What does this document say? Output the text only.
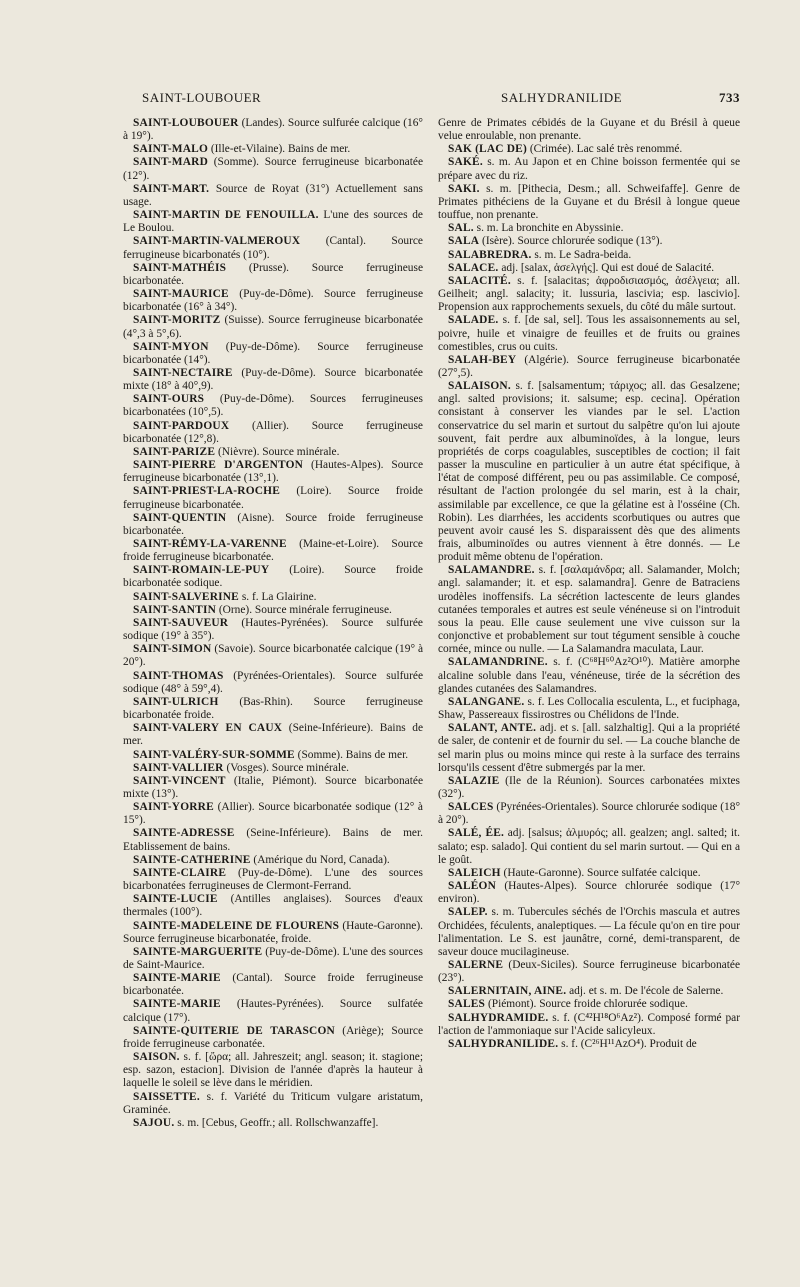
SAINT-LOUBOUER	SALHYDRANILIDE	733

SAINT-LOUBOUER (Landes). Source sulfurée calcique (16° à 19°).

SAINT-MALO (Ille-et-Vilaine). Bains de mer.

SAINT-MARD (Somme). Source ferrugineuse bicarbonatée (12°).

SAINT-MART. Source de Royat (31°) Actuellement sans usage.

SAINT-MARTIN DE FENOUILLA. L'une des sources de Le Boulou.

SAINT-MARTIN-VALMEROUX (Cantal). Source ferrugineuse bicarbonatés (10°).

SAINT-MATHÉIS (Prusse). Source ferrugineuse bicarbonatée.

SAINT-MAURICE (Puy-de-Dôme). Source ferrugineuse bicarbonatée (16° à 34°).

SAINT-MORITZ (Suisse). Source ferrugineuse bicarbonatée (4°,3 à 5°,6).

SAINT-MYON (Puy-de-Dôme). Source ferrugineuse bicarbonatée (14°).

SAINT-NECTAIRE (Puy-de-Dôme). Source bicarbonatée mixte (18° à 40°,9).

SAINT-OURS (Puy-de-Dôme). Sources ferrugineuses bicarbonatées (10°,5).

SAINT-PARDOUX (Allier). Source ferrugineuse bicarbonatée (12°,8).

SAINT-PARIZE (Nièvre). Source minérale.

SAINT-PIERRE D'ARGENTON (Hautes-Alpes). Source ferrugineuse bicarbonatée (13°,1).

SAINT-PRIEST-LA-ROCHE (Loire). Source froide ferrugineuse bicarbonatée.

SAINT-QUENTIN (Aisne). Source froide ferrugineuse bicarbonatée.

SAINT-RÉMY-LA-VARENNE (Maine-et-Loire). Source froide ferrugineuse bicarbonatée.

SAINT-ROMAIN-LE-PUY (Loire). Source froide bicarbonatée sodique.

SAINT-SALVERINE s. f. La Glairine.

SAINT-SANTIN (Orne). Source minérale ferrugineuse.

SAINT-SAUVEUR (Hautes-Pyrénées). Source sulfurée sodique (19° à 35°).

SAINT-SIMON (Savoie). Source bicarbonatée calcique (19° à 20°).

SAINT-THOMAS (Pyrénées-Orientales). Source sulfurée sodique (48° à 59°,4).

SAINT-ULRICH (Bas-Rhin). Source ferrugineuse bicarbonatée froide.

SAINT-VALERY EN CAUX (Seine-Inférieure). Bains de mer.

SAINT-VALÉRY-SUR-SOMME (Somme). Bains de mer.

SAINT-VALLIER (Vosges). Source minérale.

SAINT-VINCENT (Italie, Piémont). Source bicarbonatée mixte (13°).

SAINT-YORRE (Allier). Source bicarbonatée sodique (12° à 15°).

SAINTE-ADRESSE (Seine-Inférieure). Bains de mer. Etablissement de bains.

SAINTE-CATHERINE (Amérique du Nord, Canada).

SAINTE-CLAIRE (Puy-de-Dôme). L'une des sources bicarbonatées ferrugineuses de Clermont-Ferrand.

SAINTE-LUCIE (Antilles anglaises). Sources d'eaux thermales (100°).

SAINTE-MADELEINE DE FLOURENS (Haute-Garonne). Source ferrugineuse bicarbonatée, froide.

SAINTE-MARGUERITE (Puy-de-Dôme). L'une des sources de Saint-Maurice.

SAINTE-MARIE (Cantal). Source froide ferrugineuse bicarbonatée.

SAINTE-MARIE (Hautes-Pyrénées). Source sulfatée calcique (17°).

SAINTE-QUITERIE DE TARASCON (Ariège); Source froide ferrugineuse carbonatée.

SAISON. s. f. [ὥρα; all. Jahreszeit; angl. season; it. stagione; esp. sazon, estacion]. Division de l'année d'après la hauteur à laquelle le soleil se lève dans le méridien.

SAISSETTE. s. f. Variété du Triticum vulgare aristatum, Graminée.

SAJOU. s. m. [Cebus, Geoffr.; all. Rollschwanzaffe].

Genre de Primates cébidés de la Guyane et du Brésil à queue velue enroulable, non prenante.

SAK (LAC DE) (Crimée). Lac salé très renommé.

SAKÉ. s. m. Au Japon et en Chine boisson fermentée qui se prépare avec du riz.

SAKI. s. m. [Pithecia, Desm.; all. Schweifaffe]. Genre de Primates pithéciens de la Guyane et du Brésil à longue queue touffue, non prenante.

SAL. s. m. La bronchite en Abyssinie.

SALA (Isère). Source chlorurée sodique (13°).

SALABREDRA. s. m. Le Sadra-beida.

SALACE. adj. [salax, ἀσελγής]. Qui est doué de Salacité.

SALACITÉ. s. f. [salacitas; ἀφροδισιασμός, ἀσέλγεια; all. Geilheit; angl. salacity; it. lussuria, lascivia; esp. lascivio]. Propension aux rapprochements sexuels, du côté du mâle surtout.

SALADE. s. f. [de sal, sel]. Tous les assaisonnements au sel, poivre, huile et vinaigre de feuilles et de fruits ou graines comestibles, crus ou cuits.

SALAH-BEY (Algérie). Source ferrugineuse bicarbonatée (27°,5).

SALAISON. s. f. [salsamentum; τάριχος; all. das Gesalzene; angl. salted provisions; it. salsume; esp. cecina]. Opération consistant à conserver les viandes par le sel. L'action conservatrice du sel marin et surtout du salpêtre qu'on lui ajoute souvent, fait perdre aux albuminoïdes, à la longue, leurs propriétés de corps coagulables, susceptibles de coction; il fait passer la musculine en particulier à un autre état spécifique, à l'état de composé différent, peu ou pas assimilable. Ce composé, résultant de l'action prolongée du sel marin, est à la chair, assimilable par excellence, ce que la gélatine est à l'osséine (Ch. Robin). Les diarrhées, les accidents scorbutiques ou autres que peuvent avoir causé les S. disparaissent dès que des aliments frais, albuminoïdes ou autres viennent à être donnés. — Le produit même obtenu de l'opération.

SALAMANDRE. s. f. [σαλαμάνδρα; all. Salamander, Molch; angl. salamander; it. et esp. salamandra]. Genre de Batraciens urodèles inoffensifs. La sécrétion lactescente de leurs glandes cutanées temporales et autres est seule vénéneuse si on l'introduit sous la peau. Elle cause seulement une vive cuisson sur la conjonctive et probablement sur tout tégument sensible à couche cornée, mince ou nulle. — La Salamandra maculata, Laur.

SALAMANDRINE. s. f. (C⁶⁸H⁶⁰Az²O¹⁰). Matière amorphe alcaline soluble dans l'eau, vénéneuse, tirée de la sécrétion des glandes cutanées des Salamandres.

SALANGANE. s. f. Les Collocalia esculenta, L., et fuciphaga, Shaw, Passereaux fissirostres ou Chélidons de l'Inde.

SALANT, ANTE. adj. et s. [all. salzhaltig]. Qui a la propriété de saler, de contenir et de fournir du sel. — La couche blanche de sel marin plus ou moins mince qui reste à la surface des terrains lorsqu'ils cessent d'être submergés par la mer.

SALAZIE (Ile de la Réunion). Sources carbonatées mixtes (32°).

SALCES (Pyrénées-Orientales). Source chlorurée sodique (18° à 20°).

SALÉ, ÉE. adj. [salsus; ἁλμυρός; all. gealzen; angl. salted; it. salato; esp. salado]. Qui contient du sel marin surtout. — Qui en a le goût.

SALEICH (Haute-Garonne). Source sulfatée calcique.

SALÉON (Hautes-Alpes). Source chlorurée sodique (17° environ).

SALEP. s. m. Tubercules séchés de l'Orchis mascula et autres Orchidées, féculents, analeptiques. — La fécule qu'on en tire pour l'alimentation. Le S. est jaunâtre, corné, demi-transparent, de saveur douce mucilagineuse.

SALERNE (Deux-Siciles). Source ferrugineuse bicarbonatée (23°).

SALERNITAIN, AINE. adj. et s. m. De l'école de Salerne.

SALES (Piémont). Source froide chlorurée sodique.

SALHYDRAMIDE. s. f. (C⁴²H¹⁸O⁶Az²). Composé formé par l'action de l'ammoniaque sur l'Acide salicyleux.

SALHYDRANILIDE. s. f. (C²⁶H¹¹AzO⁴). Produit de
